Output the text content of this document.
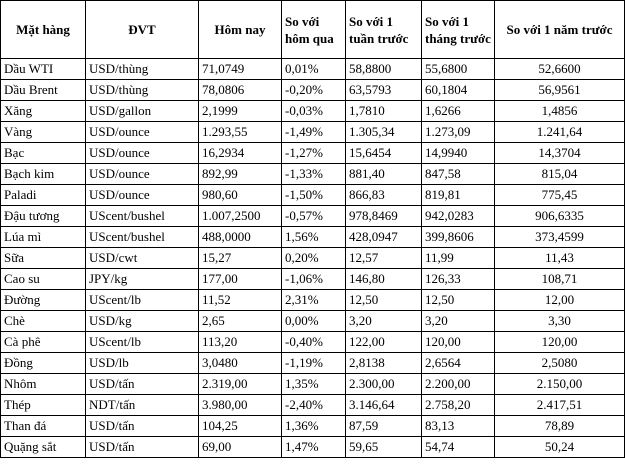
Mặt hàng	ĐVT	Hôm nay	So với hôm qua	So với 1 tuần trước	So với 1 tháng trước	So với 1 năm trước
Dầu WTI	USD/thùng	71,0749	0,01%	58,8800	55,6800	52,6600
Dầu Brent	USD/thùng	78,0806	-0,20%	63,5793	60,1804	56,9561
Xăng	USD/gallon	2,1999	-0,03%	1,7810	1,6266	1,4856
Vàng	USD/ounce	1.293,55	-1,49%	1.305,34	1.273,09	1.241,64
Bạc	USD/ounce	16,2934	-1,27%	15,6454	14,9940	14,3704
Bạch kim	USD/ounce	892,99	-1,33%	881,40	847,58	815,04
Paladi	USD/ounce	980,60	-1,50%	866,83	819,81	775,45
Đậu tương	UScent/bushel	1.007,2500	-0,57%	978,8469	942,0283	906,6335
Lúa mì	UScent/bushel	488,0000	1,56%	428,0947	399,8606	373,4599
Sữa	USD/cwt	15,27	0,20%	12,57	11,99	11,43
Cao su	JPY/kg	177,00	-1,06%	146,80	126,33	108,71
Đường	UScent/lb	11,52	2,31%	12,50	12,50	12,00
Chè	USD/kg	2,65	0,00%	3,20	3,20	3,30
Cà phê	UScent/lb	113,20	-0,40%	122,00	120,00	120,00
Đồng	USD/lb	3,0480	-1,19%	2,8138	2,6564	2,5080
Nhôm	USD/tấn	2.319,00	1,35%	2.300,00	2.200,00	2.150,00
Thép	NDT/tấn	3.980,00	-2,40%	3.146,64	2.758,20	2.417,51
Than đá	USD/tấn	104,25	1,36%	87,59	83,13	78,89
Quặng sắt	USD/tấn	69,00	1,47%	59,65	54,74	50,24
